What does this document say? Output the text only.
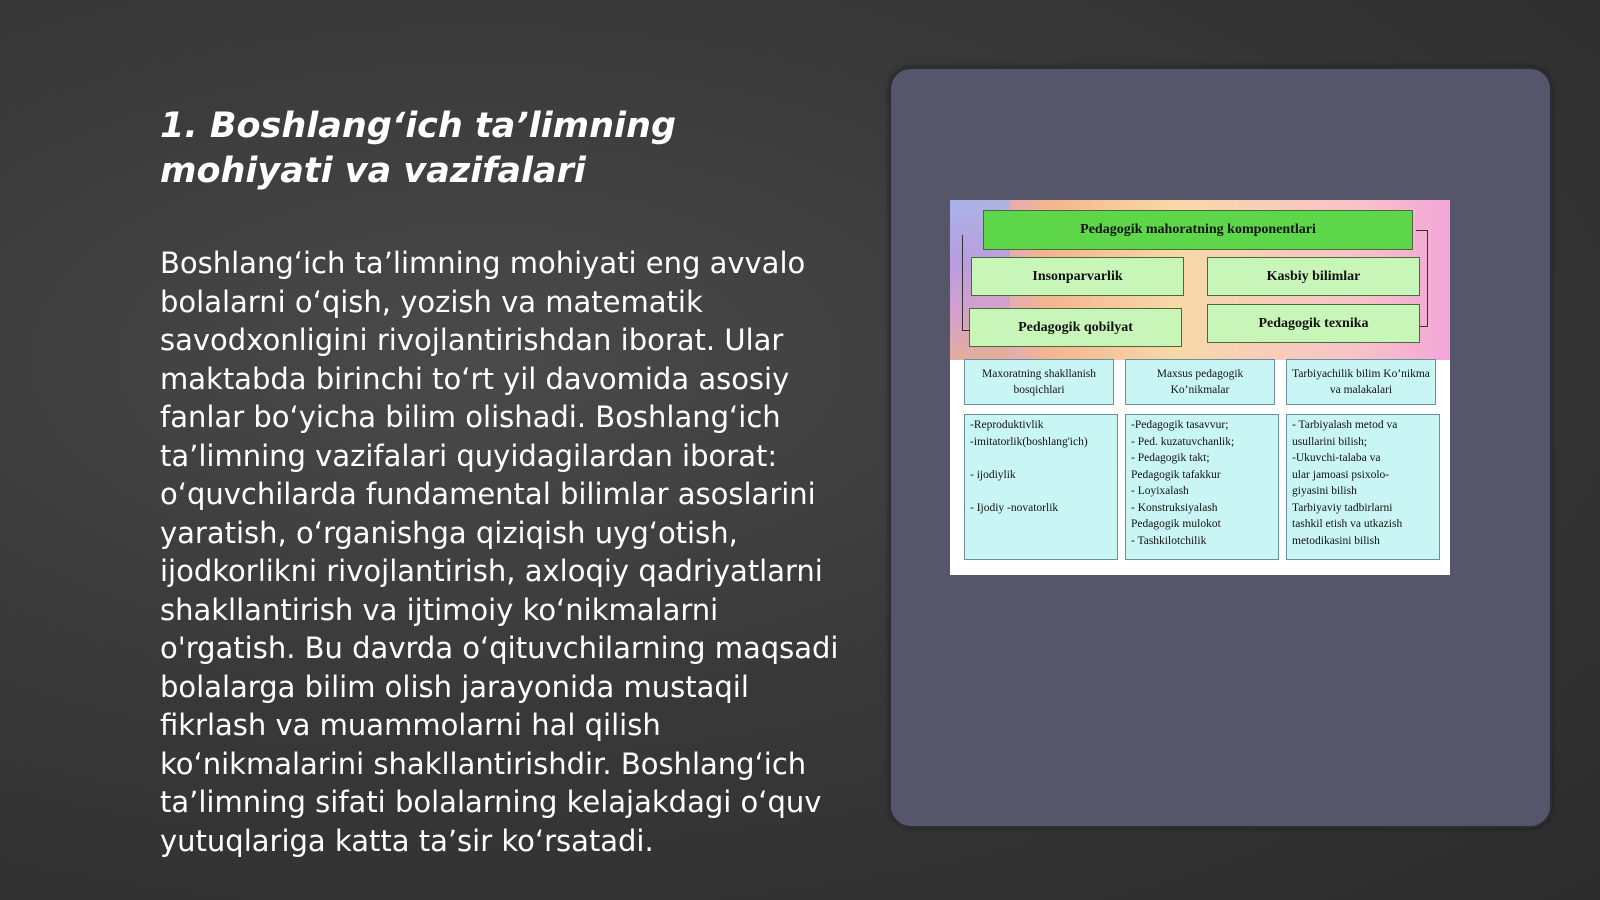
1. Boshlang‘ich ta’limning mohiyati va vazifalari

Boshlang‘ich ta’limning mohiyati eng avvalo bolalarni o‘qish, yozish va matematik savodxonligini rivojlantirishdan iborat. Ular maktabda birinchi to‘rt yil davomida asosiy fanlar bo‘yicha bilim olishadi. Boshlang‘ich ta’limning vazifalari quyidagilardan iborat: o‘quvchilarda fundamental bilimlar asoslarini yaratish, o‘rganishga qiziqish uyg‘otish, ijodkorlikni rivojlantirish, axloqiy qadriyatlarni shakllantirish va ijtimoiy ko‘nikmalarni o'rgatish. Bu davrda o‘qituvchilarning maqsadi bolalarga bilim olish jarayonida mustaqil fikrlash va muammolarni hal qilish ko‘nikmalarini shakllantirishdir. Boshlang‘ich ta’limning sifati bolalarning kelajakdagi o‘quv yutuqlariga katta ta’sir ko‘rsatadi.

Pedagogik mahoratning komponentlari
Insonparvarlik	Kasbiy bilimlar
Pedagogik qobilyat	Pedagogik texnika
Maxoratning shakllanish bosqichlari
Maxsus pedagogik Ko’nikmalar
Tarbiyachilik bilim Ko’nikma va malakalari
-Reproduktivlik
-imitatorlik(boshlang'ich)

- ijodiylik

- Ijodiy -novatorlik
-Pedagogik tasavvur;
- Ped. kuzatuvchanlik;
- Pedagogik takt;
Pedagogik tafakkur
- Loyixalash
- Konstruksiyalash
Pedagogik mulokot
- Tashkilotchilik
- Tarbiyalash metod va
usullarini bilish;
-Ukuvchi-talaba va
ular jamoasi psixolo-
giyasini bilish
Tarbiyaviy tadbirlarni
tashkil etish va utkazish
metodikasini bilish
